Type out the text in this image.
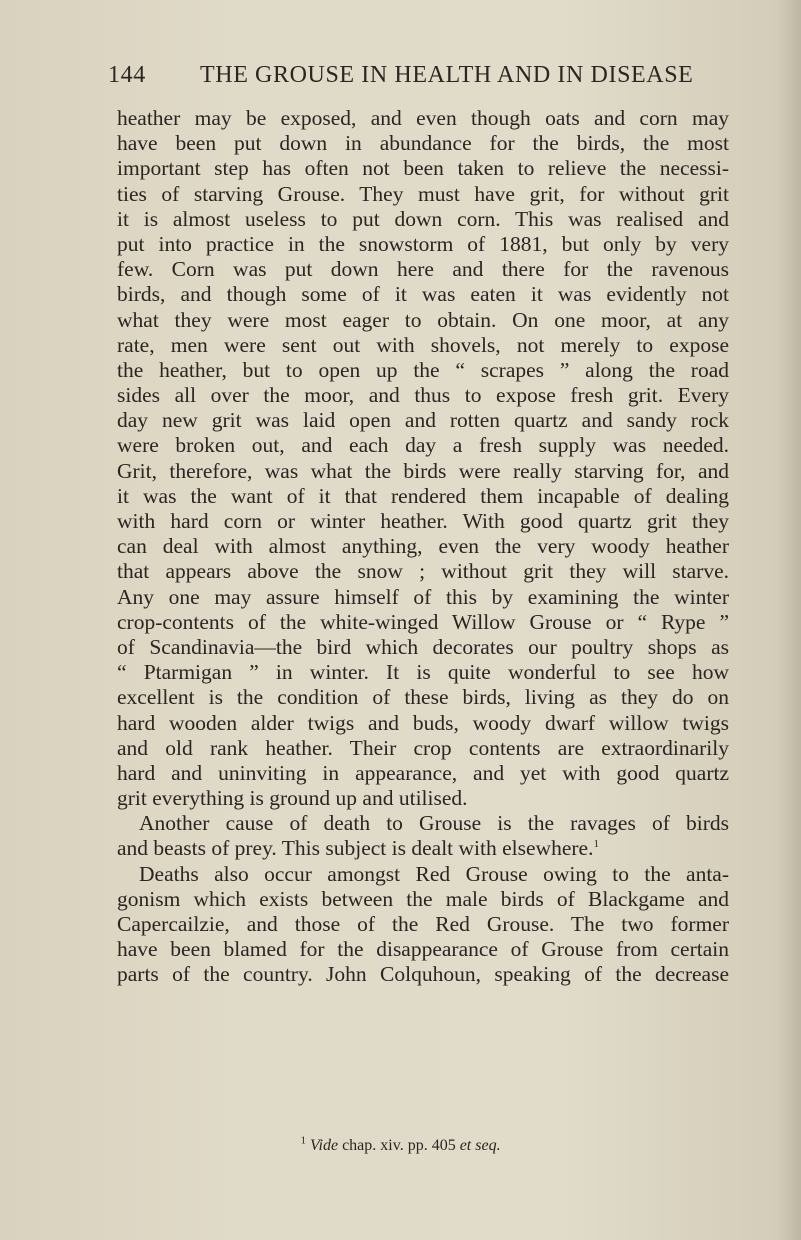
144 THE GROUSE IN HEALTH AND IN DISEASE
heather may be exposed, and even though oats and corn may
have been put down in abundance for the birds, the most
important step has often not been taken to relieve the necessi-
ties of starving Grouse. They must have grit, for without grit
it is almost useless to put down corn. This was realised and
put into practice in the snowstorm of 1881, but only by very
few. Corn was put down here and there for the ravenous
birds, and though some of it was eaten it was evidently not
what they were most eager to obtain. On one moor, at any
rate, men were sent out with shovels, not merely to expose
the heather, but to open up the “ scrapes ” along the road
sides all over the moor, and thus to expose fresh grit. Every
day new grit was laid open and rotten quartz and sandy rock
were broken out, and each day a fresh supply was needed.
Grit, therefore, was what the birds were really starving for, and
it was the want of it that rendered them incapable of dealing
with hard corn or winter heather. With good quartz grit they
can deal with almost anything, even the very woody heather
that appears above the snow ; without grit they will starve.
Any one may assure himself of this by examining the winter
crop-contents of the white-winged Willow Grouse or “ Rype ”
of Scandinavia—the bird which decorates our poultry shops as
“ Ptarmigan ” in winter. It is quite wonderful to see how
excellent is the condition of these birds, living as they do on
hard wooden alder twigs and buds, woody dwarf willow twigs
and old rank heather. Their crop contents are extraordinarily
hard and uninviting in appearance, and yet with good quartz
grit everything is ground up and utilised.
Another cause of death to Grouse is the ravages of birds
and beasts of prey. This subject is dealt with elsewhere.$^1$
Deaths also occur amongst Red Grouse owing to the anta-
gonism which exists between the male birds of Blackgame and
Capercailzie, and those of the Red Grouse. The two former
have been blamed for the disappearance of Grouse from certain
parts of the country. John Colquhoun, speaking of the decrease
$^1$ Vide chap. xiv. pp. 405 et seq.
